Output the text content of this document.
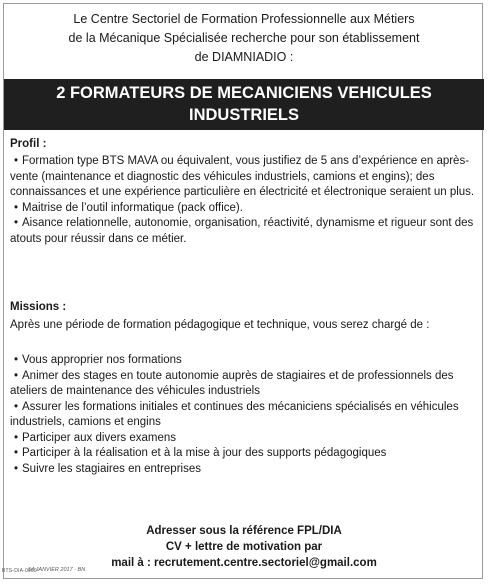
Le Centre Sectoriel de Formation Professionnelle aux Métiers
de la Mécanique Spécialisée recherche pour son établissement
de DIAMNIADIO :
2 FORMATEURS DE MECANICIENS VEHICULES
INDUSTRIELS
Profil :
• Formation type BTS MAVA ou équivalent, vous justifiez de 5 ans d’expérience en après-vente (maintenance et diagnostic des véhicules industriels, camions et engins); des connaissances et une expérience particulière en électricité et électronique seraient un plus.
• Maitrise de l’outil informatique (pack office).
• Aisance relationnelle, autonomie, organisation, réactivité, dynamisme et rigueur sont des atouts pour réussir dans ce métier.
Missions :
Après une période de formation pédagogique et technique, vous serez chargé de :
• Vous approprier nos formations
• Animer des stages en toute autonomie auprès de stagiaires et de professionnels des ateliers de maintenance des véhicules industriels
• Assurer les formations initiales et continues des mécaniciens spécialisés en véhicules industriels, camions et engins
• Participer aux divers examens
• Participer à la réalisation et à la mise à jour des supports pédagogiques
• Suivre les stagiaires en entreprises
Adresser sous la référence FPL/DIA
CV + lettre de motivation par
mail à : recrutement.centre.sectoriel@gmail.com
BTS-DIA-0000
14 JANVIER 2017 · BN
